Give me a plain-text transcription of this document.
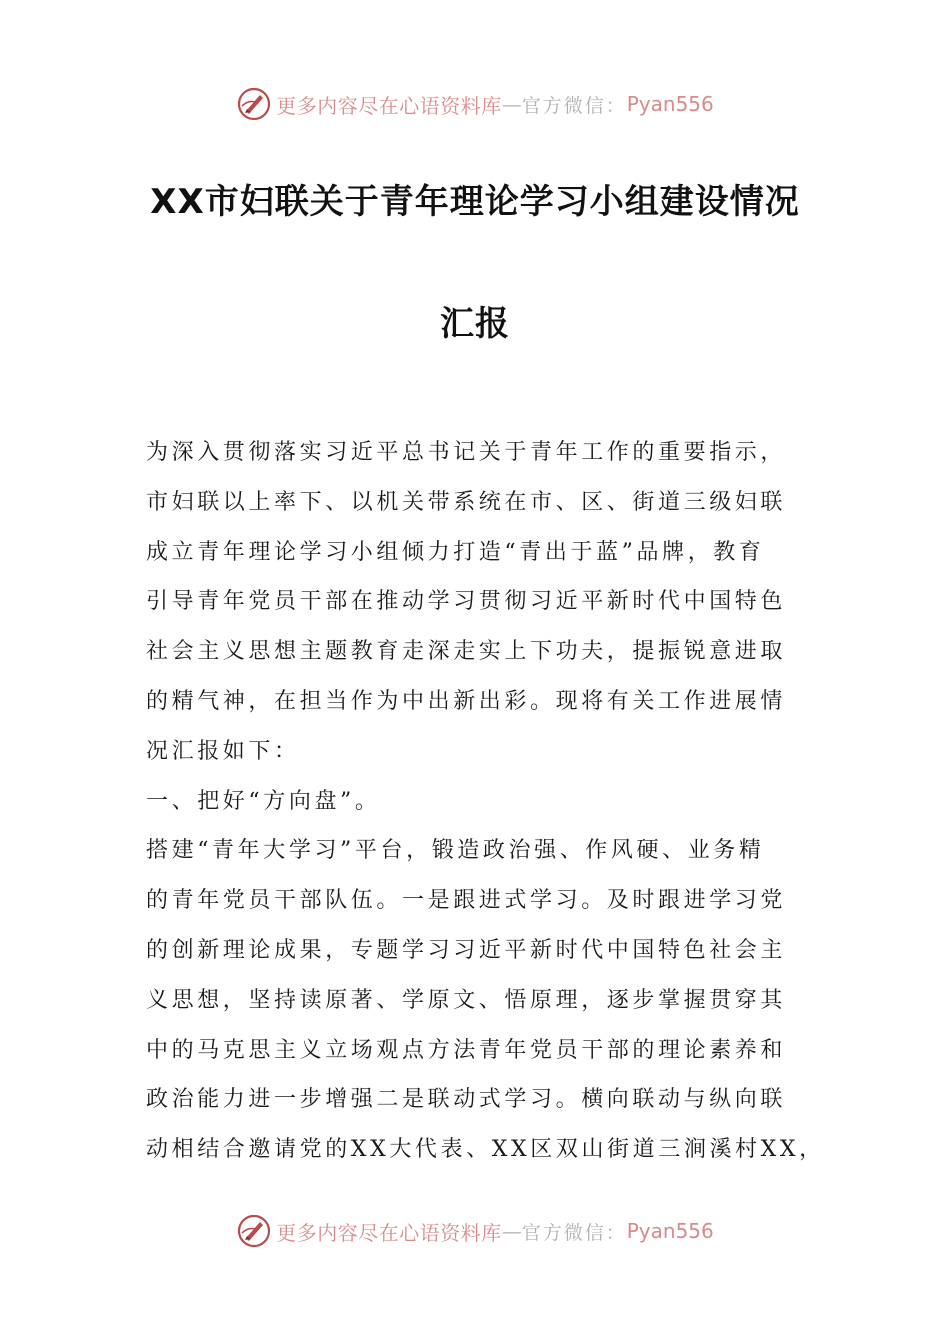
更多内容尽在心语资料库 — 官方微信： Pyan556
XX市妇联关于青年理论学习小组建设情况
汇报
为深入贯彻落实习近平总书记关于青年工作的重要指示，
市妇联以上率下、以机关带系统在市、区、街道三级妇联
成立青年理论学习小组倾力打造“青出于蓝”品牌，教育
引导青年党员干部在推动学习贯彻习近平新时代中国特色
社会主义思想主题教育走深走实上下功夫，提振锐意进取
的精气神，在担当作为中出新出彩。现将有关工作进展情
况汇报如下：
一、把好“方向盘”。
搭建“青年大学习”平台，锻造政治强、作风硬、业务精
的青年党员干部队伍。一是跟进式学习。及时跟进学习党
的创新理论成果，专题学习习近平新时代中国特色社会主
义思想，坚持读原著、学原文、悟原理，逐步掌握贯穿其
中的马克思主义立场观点方法青年党员干部的理论素养和
政治能力进一步增强二是联动式学习。横向联动与纵向联
动相结合邀请党的XX大代表、XX区双山街道三涧溪村XX，
更多内容尽在心语资料库 — 官方微信： Pyan556
